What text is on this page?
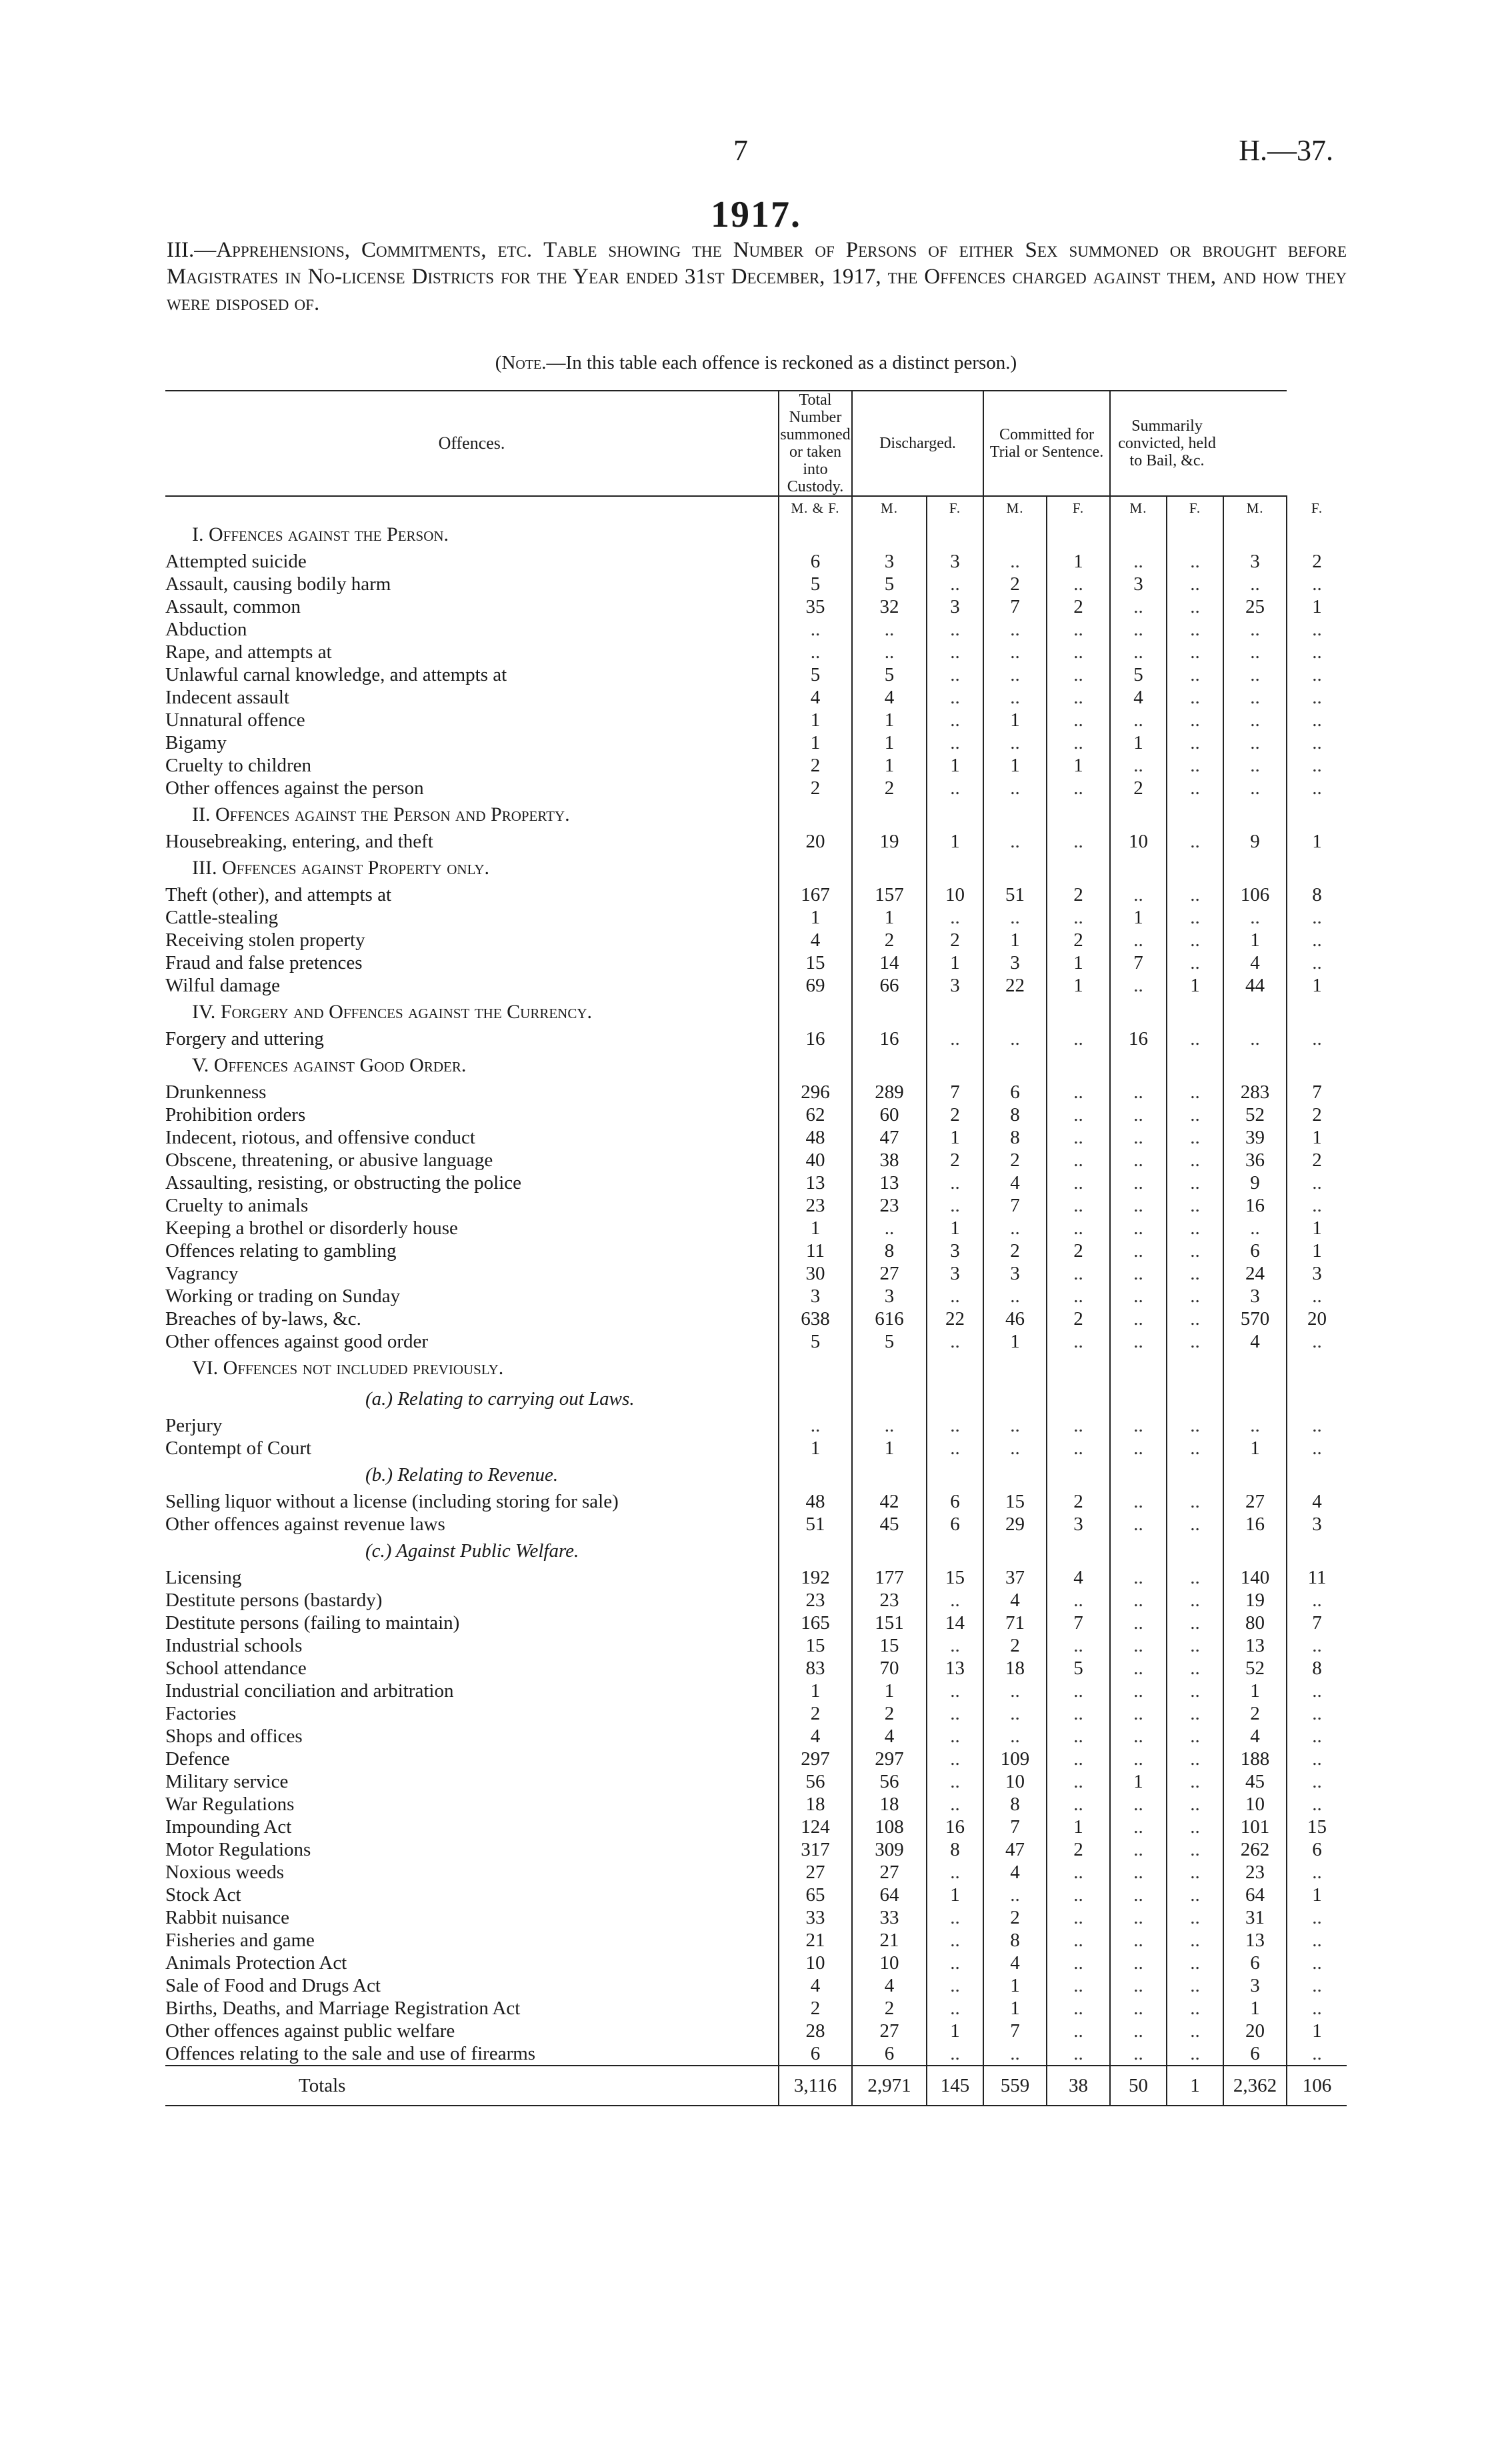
7	H.—37.
1917.
III.—Apprehensions, Commitments, etc. Table showing the Number of Persons of either Sex summoned or brought before Magistrates in No-license Districts for the Year ended 31st December, 1917, the Offences charged against them, and how they were disposed of.
(Note.—In this table each offence is reckoned as a distinct person.)
Offences.	Total Number summoned or taken into Custody.	Discharged.		Committed for Trial or Sentence.		Summarily convicted, held to Bail, &c.			
	M. & F.	M.	F.	M.	F.	M.	F.	M.	F.
I. Offences against the Person.									
Attempted suicide	6	3	3	..	1	..	..	3	2
Assault, causing bodily harm	5	5	..	2	..	3	..	..	..
Assault, common	35	32	3	7	2	..	..	25	1
Abduction	..	..	..	..	..	..	..	..	..
Rape, and attempts at	..	..	..	..	..	..	..	..	..
Unlawful carnal knowledge, and attempts at	5	5	..	..	..	5	..	..	..
Indecent assault	4	4	..	..	..	4	..	..	..
Unnatural offence	1	1	..	1	..	..	..	..	..
Bigamy	1	1	..	..	..	1	..	..	..
Cruelty to children	2	1	1	1	1	..	..	..	..
Other offences against the person	2	2	..	..	..	2	..	..	..
II. Offences against the Person and Property.									
Housebreaking, entering, and theft	20	19	1	..	..	10	..	9	1
III. Offences against Property only.									
Theft (other), and attempts at	167	157	10	51	2	..	..	106	8
Cattle-stealing	1	1	..	..	..	1	..	..	..
Receiving stolen property	4	2	2	1	2	..	..	1	..
Fraud and false pretences	15	14	1	3	1	7	..	4	..
Wilful damage	69	66	3	22	1	..	1	44	1
IV. Forgery and Offences against the Currency.									
Forgery and uttering	16	16	..	..	..	16	..	..	..
V. Offences against Good Order.									
Drunkenness	296	289	7	6	..	..	..	283	7
Prohibition orders	62	60	2	8	..	..	..	52	2
Indecent, riotous, and offensive conduct	48	47	1	8	..	..	..	39	1
Obscene, threatening, or abusive language	40	38	2	2	..	..	..	36	2
Assaulting, resisting, or obstructing the police	13	13	..	4	..	..	..	9	..
Cruelty to animals	23	23	..	7	..	..	..	16	..
Keeping a brothel or disorderly house	1	..	1	..	..	..	..	..	1
Offences relating to gambling	11	8	3	2	2	..	..	6	1
Vagrancy	30	27	3	3	..	..	..	24	3
Working or trading on Sunday	3	3	..	..	..	..	..	3	..
Breaches of by-laws, &c.	638	616	22	46	2	..	..	570	20
Other offences against good order	5	5	..	1	..	..	..	4	..
VI. Offences not included previously.									
(a.) Relating to carrying out Laws.									
Perjury	..	..	..	..	..	..	..	..	..
Contempt of Court	1	1	..	..	..	..	..	1	..
(b.) Relating to Revenue.									
Selling liquor without a license (including storing for sale)	48	42	6	15	2	..	..	27	4
Other offences against revenue laws	51	45	6	29	3	..	..	16	3
(c.) Against Public Welfare.									
Licensing	192	177	15	37	4	..	..	140	11
Destitute persons (bastardy)	23	23	..	4	..	..	..	19	..
Destitute persons (failing to maintain)	165	151	14	71	7	..	..	80	7
Industrial schools	15	15	..	2	..	..	..	13	..
School attendance	83	70	13	18	5	..	..	52	8
Industrial conciliation and arbitration	1	1	..	..	..	..	..	1	..
Factories	2	2	..	..	..	..	..	2	..
Shops and offices	4	4	..	..	..	..	..	4	..
Defence	297	297	..	109	..	..	..	188	..
Military service	56	56	..	10	..	1	..	45	..
War Regulations	18	18	..	8	..	..	..	10	..
Impounding Act	124	108	16	7	1	..	..	101	15
Motor Regulations	317	309	8	47	2	..	..	262	6
Noxious weeds	27	27	..	4	..	..	..	23	..
Stock Act	65	64	1	..	..	..	..	64	1
Rabbit nuisance	33	33	..	2	..	..	..	31	..
Fisheries and game	21	21	..	8	..	..	..	13	..
Animals Protection Act	10	10	..	4	..	..	..	6	..
Sale of Food and Drugs Act	4	4	..	1	..	..	..	3	..
Births, Deaths, and Marriage Registration Act	2	2	..	1	..	..	..	1	..
Other offences against public welfare	28	27	1	7	..	..	..	20	1
Offences relating to the sale and use of firearms	6	6	..	..	..	..	..	6	..
Totals	3,116	2,971	145	559	38	50	1	2,362	106
